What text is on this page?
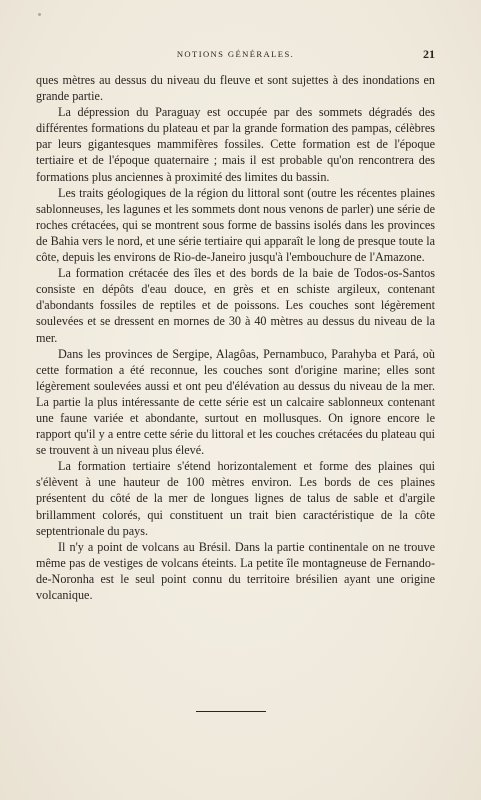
NOTIONS GÉNÉRALES.	21

ques mètres au dessus du niveau du fleuve et sont sujettes à des inondations en grande partie.

La dépression du Paraguay est occupée par des sommets dégradés des différentes formations du plateau et par la grande formation des pampas, célèbres par leurs gigantesques mammifères fossiles. Cette formation est de l'époque tertiaire et de l'époque quaternaire ; mais il est probable qu'on rencontrera des formations plus anciennes à proximité des limites du bassin.

Les traits géologiques de la région du littoral sont (outre les récentes plaines sablonneuses, les lagunes et les sommets dont nous venons de parler) une série de roches crétacées, qui se montrent sous forme de bassins isolés dans les provinces de Bahia vers le nord, et une série tertiaire qui apparaît le long de presque toute la côte, depuis les environs de Rio-de-Janeiro jusqu'à l'embouchure de l'Amazone.

La formation crétacée des îles et des bords de la baie de Todos-os-Santos consiste en dépôts d'eau douce, en grès et en schiste argileux, contenant d'abondants fossiles de reptiles et de poissons. Les couches sont légèrement soulevées et se dressent en mornes de 30 à 40 mètres au dessus du niveau de la mer.

Dans les provinces de Sergipe, Alagôas, Pernambuco, Parahyba et Pará, où cette formation a été reconnue, les couches sont d'origine marine; elles sont légèrement soulevées aussi et ont peu d'élévation au dessus du niveau de la mer. La partie la plus intéressante de cette série est un calcaire sablonneux contenant une faune variée et abondante, surtout en mollusques. On ignore encore le rapport qu'il y a entre cette série du littoral et les couches crétacées du plateau qui se trouvent à un niveau plus élevé.

La formation tertiaire s'étend horizontalement et forme des plaines qui s'élèvent à une hauteur de 100 mètres environ. Les bords de ces plaines présentent du côté de la mer de longues lignes de talus de sable et d'argile brillamment colorés, qui constituent un trait bien caractéristique de la côte septentrionale du pays.

Il n'y a point de volcans au Brésil. Dans la partie continentale on ne trouve même pas de vestiges de volcans éteints. La petite île montagneuse de Fernando-de-Noronha est le seul point connu du territoire brésilien ayant une origine volcanique.
